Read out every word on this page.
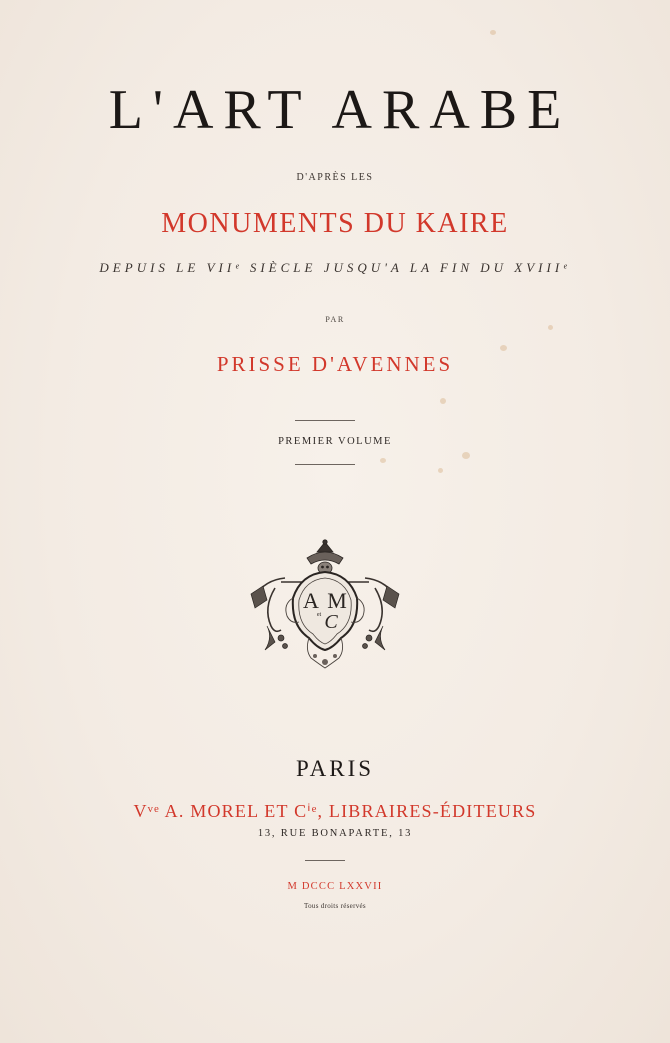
L'ART ARABE
D'APRÈS LES
MONUMENTS DU KAIRE
DEPUIS LE VIIᵉ SIÈCLE JUSQU'A LA FIN DU XVIIIᵉ
PAR
PRISSE D'AVENNES
PREMIER VOLUME
A M
et C
PARIS
Vᵛᵉ A. MOREL ET Cⁱᵉ, LIBRAIRES-ÉDITEURS
13, RUE BONAPARTE, 13
M DCCC LXXVII
Tous droits réservés
